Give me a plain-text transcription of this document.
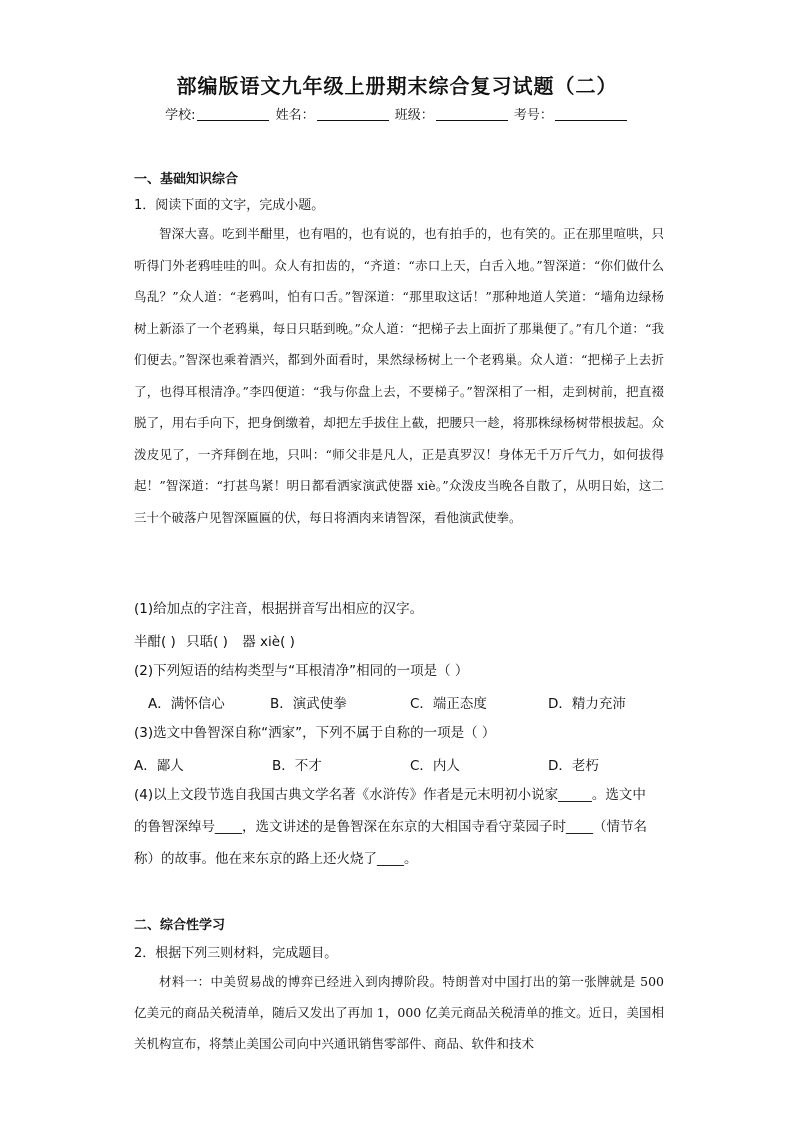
部编版语文九年级上册期末综合复习试题（二）
学校:	姓名：	班级：	考号：
一、基础知识综合
1．阅读下面的文字，完成小题。

智深大喜。吃到半酣里，也有唱的，也有说的，也有拍手的，也有笑的。正在那里喧哄，只听得门外老鸦哇哇的叫。众人有扣齿的，“齐道：“赤口上天，白舌入地。”智深道：“你们做什么鸟乱？”众人道：“老鸦叫，怕有口舌。”智深道：“那里取这话！”那种地道人笑道：“墙角边绿杨树上新添了一个老鸦巢，每日只聒到晚。”众人道：“把梯子去上面折了那巢便了。”有几个道：“我们便去。”智深也乘着酒兴，都到外面看时，果然绿杨树上一个老鸦巢。众人道：“把梯子上去折了，也得耳根清净。”李四便道：“我与你盘上去，不要梯子。”智深相了一相，走到树前，把直裰脱了，用右手向下，把身倒缴着，却把左手拔住上截，把腰只一趁，将那株绿杨树带根拔起。众泼皮见了，一齐拜倒在地，只叫：“师父非是凡人，正是真罗汉！身体无千万斤气力，如何拔得起！”智深道：“打甚鸟紧！明日都看洒家演武使器 xiè。”众泼皮当晚各自散了，从明日始，这二三十个破落户见智深匾匾的伏，每日将酒肉来请智深，看他演武使拳。

(1)给加点的字注音，根据拼音写出相应的汉字。
半酣( ) 只聒( ) 器 xiè( )
(2)下列短语的结构类型与“耳根清净”相同的一项是（ ）
A．满怀信心	B．演武使拳	C．端正态度	D．精力充沛
(3)选文中鲁智深自称“洒家”，下列不属于自称的一项是（ ）
A．鄙人	B．不才	C．内人	D．老朽
(4)以上文段节选自我国古典文学名著《水浒传》作者是元末明初小说家_____。选文中
的鲁智深绰号____，选文讲述的是鲁智深在东京的大相国寺看守菜园子时____（情节名
称）的故事。他在来东京的路上还火烧了____。
二、综合性学习
2．根据下列三则材料，完成题目。

材料一：中美贸易战的博弈已经进入到肉搏阶段。特朗普对中国打出的第一张牌就是 500 亿美元的商品关税清单，随后又发出了再加 1，000 亿美元商品关税清单的推文。近日，美国相关机构宣布，将禁止美国公司向中兴通讯销售零部件、商品、软件和技术
